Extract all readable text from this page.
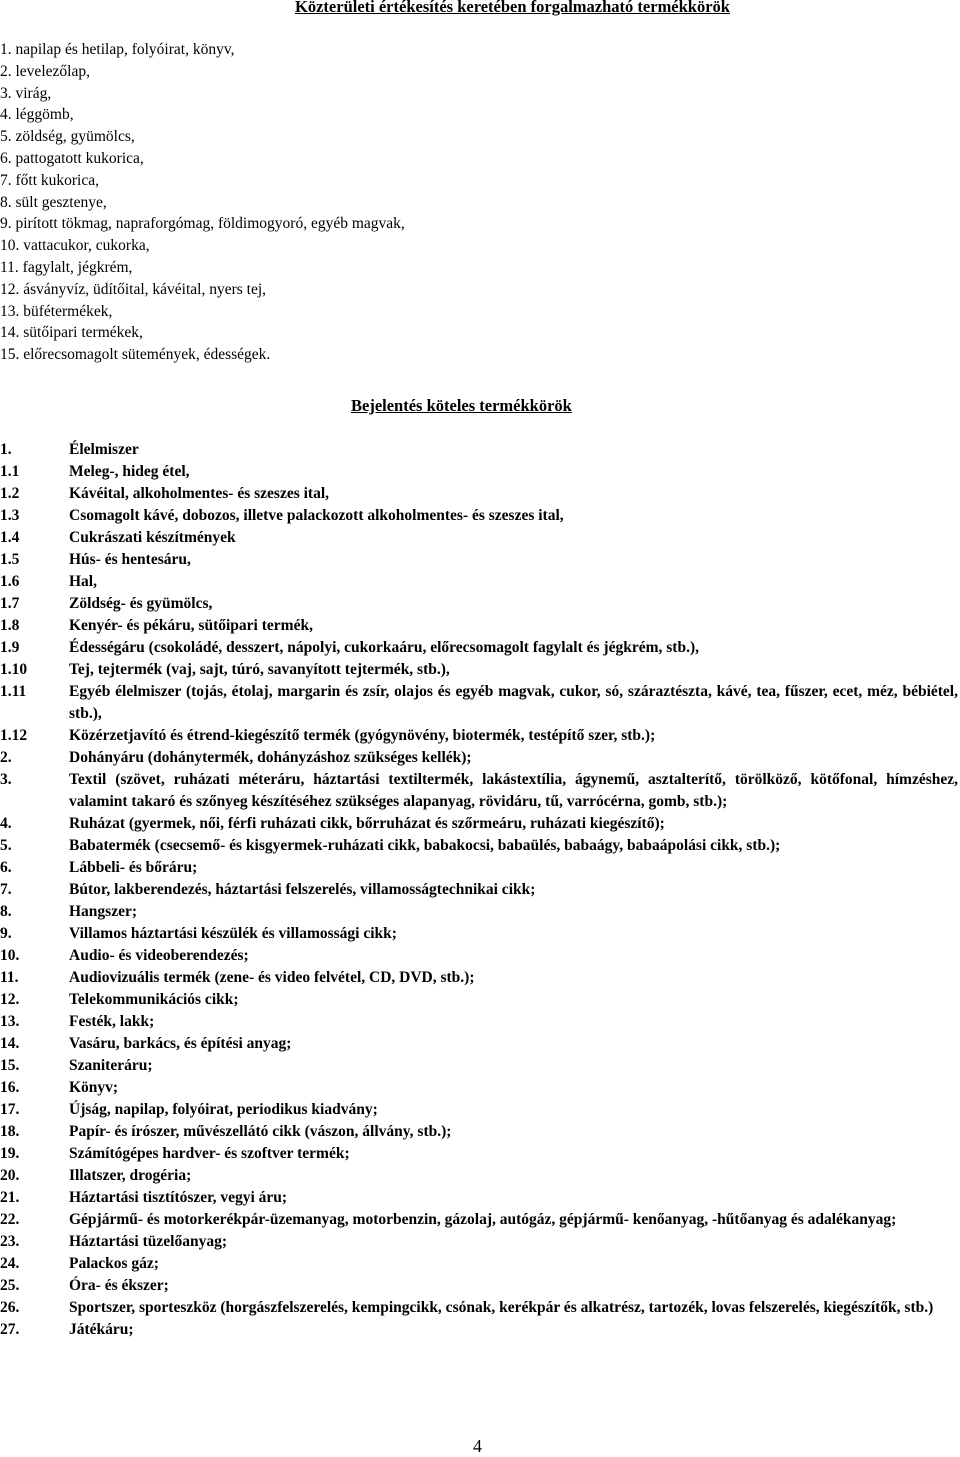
Közterületi értékesítés keretében forgalmazható termékkörök
1. napilap és hetilap, folyóirat, könyv,
2. levelezőlap,
3. virág,
4. léggömb,
5. zöldség, gyümölcs,
6. pattogatott kukorica,
7. főtt kukorica,
8. sült gesztenye,
9. pirított tökmag, napraforgómag, földimogyoró, egyéb magvak,
10. vattacukor, cukorka,
11. fagylalt, jégkrém,
12. ásványvíz, üdítőital, kávéital, nyers tej,
13. büfétermékek,
14. sütőipari termékek,
15. előrecsomagolt sütemények, édességek.
Bejelentés köteles termékkörök
1.	Élelmiszer
1.1	Meleg-, hideg étel,
1.2	Kávéital, alkoholmentes- és szeszes ital,
1.3	Csomagolt kávé, dobozos, illetve palackozott alkoholmentes- és szeszes ital,
1.4	Cukrászati készítmények
1.5	Hús- és hentesáru,
1.6	Hal,
1.7	Zöldség- és gyümölcs,
1.8	Kenyér- és pékáru, sütőipari termék,
1.9	Édességáru (csokoládé, desszert, nápolyi, cukorkaáru, előrecsomagolt fagylalt és jégkrém, stb.),
1.10	Tej, tejtermék (vaj, sajt, túró, savanyított tejtermék, stb.),
1.11	Egyéb élelmiszer (tojás, étolaj, margarin és zsír, olajos és egyéb magvak, cukor, só, száraztészta, kávé, tea, fűszer, ecet, méz, bébiétel, stb.),
1.12	Közérzetjavító és étrend-kiegészítő termék (gyógynövény, biotermék, testépítő szer, stb.);
2.	Dohányáru (dohánytermék, dohányzáshoz szükséges kellék);
3.	Textil (szövet, ruházati méteráru, háztartási textiltermék, lakástextília, ágynemű, asztalterítő, törölköző, kötőfonal, hímzéshez, valamint takaró és szőnyeg készítéséhez szükséges alapanyag, rövidáru, tű, varrócérna, gomb, stb.);
4.	Ruházat (gyermek, női, férfi ruházati cikk, bőrruházat és szőrmeáru, ruházati kiegészítő);
5.	Babatermék (csecsemő- és kisgyermek-ruházati cikk, babakocsi, babaülés, babaágy, babaápolási cikk, stb.);
6.	Lábbeli- és bőráru;
7.	Bútor, lakberendezés, háztartási felszerelés, villamosságtechnikai cikk;
8.	Hangszer;
9.	Villamos háztartási készülék és villamossági cikk;
10.	Audio- és videoberendezés;
11.	Audiovizuális termék (zene- és video felvétel, CD, DVD, stb.);
12.	Telekommunikációs cikk;
13.	Festék, lakk;
14.	Vasáru, barkács, és építési anyag;
15.	Szaniteráru;
16.	Könyv;
17.	Újság, napilap, folyóirat, periodikus kiadvány;
18.	Papír- és írószer, művészellátó cikk (vászon, állvány, stb.);
19.	Számítógépes hardver- és szoftver termék;
20.	Illatszer, drogéria;
21.	Háztartási tisztítószer, vegyi áru;
22.	Gépjármű- és motorkerékpár-üzemanyag, motorbenzin, gázolaj, autógáz, gépjármű- kenőanyag, -hűtőanyag és adalékanyag;
23.	Háztartási tüzelőanyag;
24.	Palackos gáz;
25.	Óra- és ékszer;
26.	Sportszer, sporteszköz (horgászfelszerelés, kempingcikk, csónak, kerékpár és alkatrész, tartozék, lovas felszerelés, kiegészítők, stb.)
27.	Játékáru;
4
